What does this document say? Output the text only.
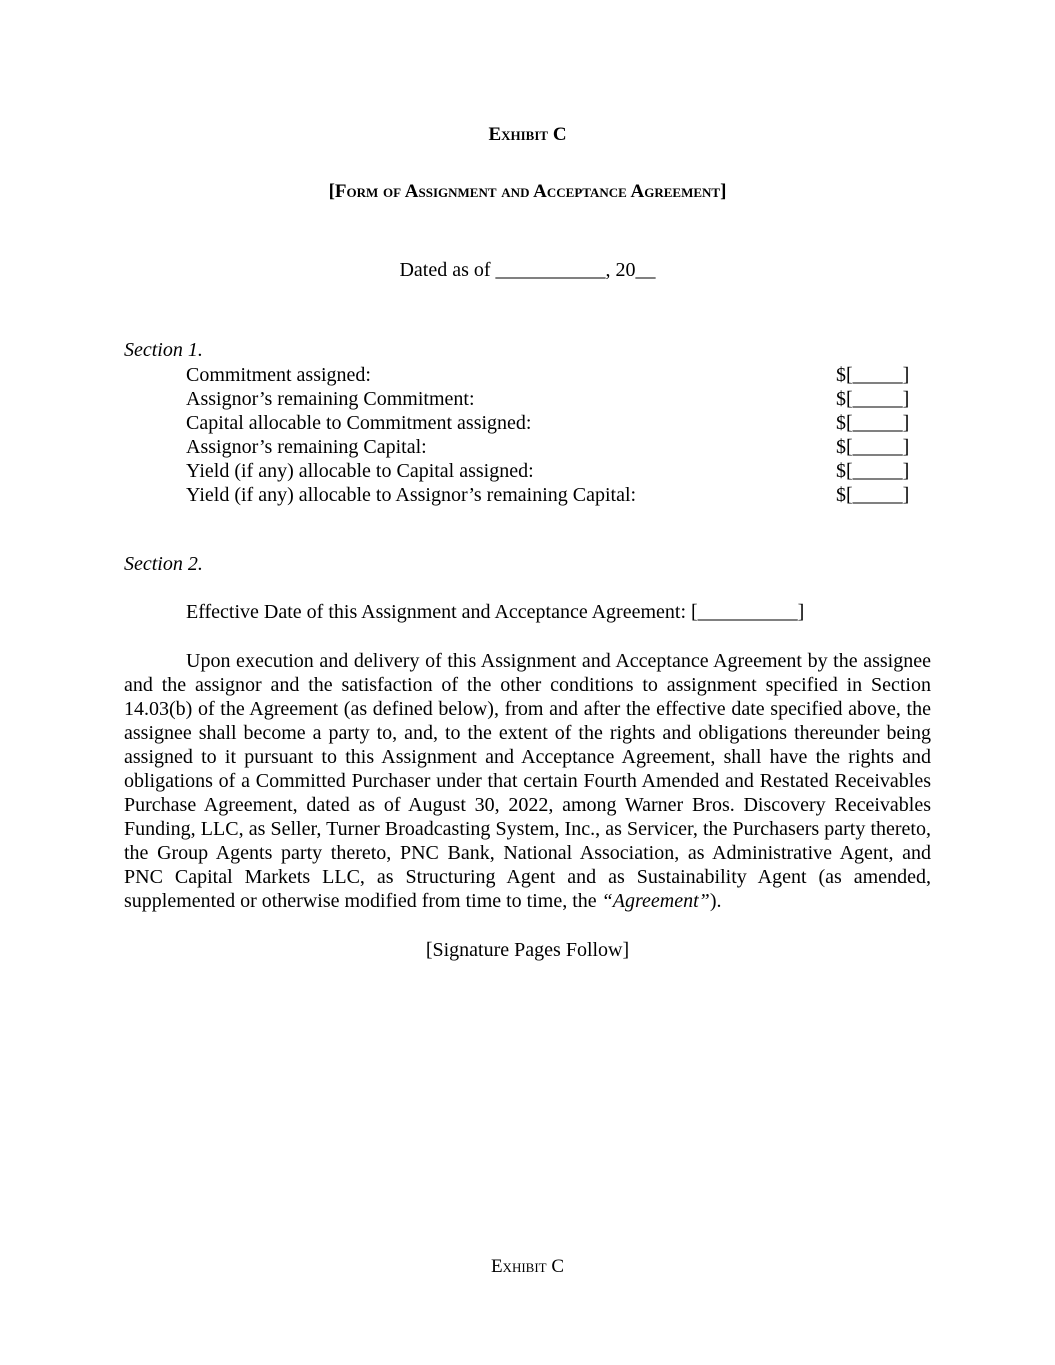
Exhibit C
[Form of Assignment and Acceptance Agreement]
Dated as of ___________, 20__
Section 1.
Commitment assigned:	$[_____]
Assignor’s remaining Commitment:	$[_____]
Capital allocable to Commitment assigned:	$[_____]
Assignor’s remaining Capital:	$[_____]
Yield (if any) allocable to Capital assigned:	$[_____]
Yield (if any) allocable to Assignor’s remaining Capital:	$[_____]
Section 2.
Effective Date of this Assignment and Acceptance Agreement: [__________]

Upon execution and delivery of this Assignment and Acceptance Agreement by the assignee and the assignor and the satisfaction of the other conditions to assignment specified in Section 14.03(b) of the Agreement (as defined below), from and after the effective date specified above, the assignee shall become a party to, and, to the extent of the rights and obligations thereunder being assigned to it pursuant to this Assignment and Acceptance Agreement, shall have the rights and obligations of a Committed Purchaser under that certain Fourth Amended and Restated Receivables Purchase Agreement, dated as of August 30, 2022, among Warner Bros. Discovery Receivables Funding, LLC, as Seller, Turner Broadcasting System, Inc., as Servicer, the Purchasers party thereto, the Group Agents party thereto, PNC Bank, National Association, as Administrative Agent, and PNC Capital Markets LLC, as Structuring Agent and as Sustainability Agent (as amended, supplemented or otherwise modified from time to time, the “Agreement”).

[Signature Pages Follow]
Exhibit C
